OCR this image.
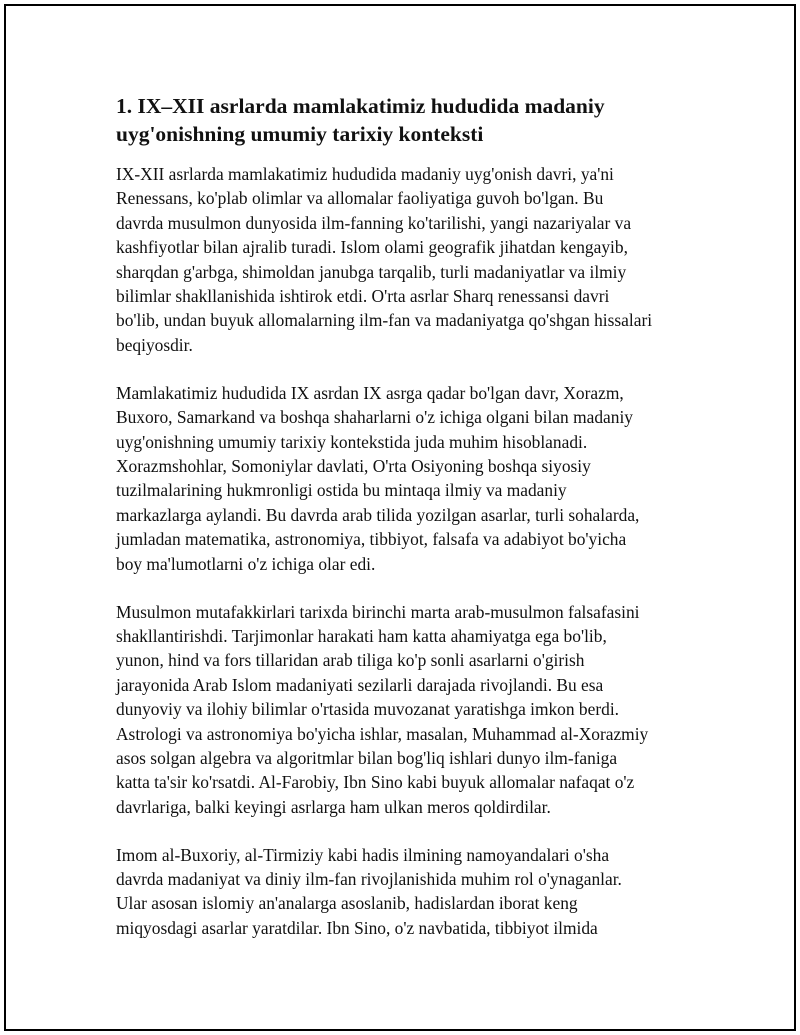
1. IX–XII asrlarda mamlakatimiz hududida madaniy
uyg'onishning umumiy tarixiy konteksti

IX-XII asrlarda mamlakatimiz hududida madaniy uyg'onish davri, ya'ni
Renessans, ko'plab olimlar va allomalar faoliyatiga guvoh bo'lgan. Bu
davrda musulmon dunyosida ilm-fanning ko'tarilishi, yangi nazariyalar va
kashfiyotlar bilan ajralib turadi. Islom olami geografik jihatdan kengayib,
sharqdan g'arbga, shimoldan janubga tarqalib, turli madaniyatlar va ilmiy
bilimlar shakllanishida ishtirok etdi. O'rta asrlar Sharq renessansi davri
bo'lib, undan buyuk allomalarning ilm-fan va madaniyatga qo'shgan hissalari
beqiyosdir.

Mamlakatimiz hududida IX asrdan IX asrga qadar bo'lgan davr, Xorazm,
Buxoro, Samarkand va boshqa shaharlarni o'z ichiga olgani bilan madaniy
uyg'onishning umumiy tarixiy kontekstida juda muhim hisoblanadi.
Xorazmshohlar, Somoniylar davlati, O'rta Osiyoning boshqa siyosiy
tuzilmalarining hukmronligi ostida bu mintaqa ilmiy va madaniy
markazlarga aylandi. Bu davrda arab tilida yozilgan asarlar, turli sohalarda,
jumladan matematika, astronomiya, tibbiyot, falsafa va adabiyot bo'yicha
boy ma'lumotlarni o'z ichiga olar edi.

Musulmon mutafakkirlari tarixda birinchi marta arab-musulmon falsafasini
shakllantirishdi. Tarjimonlar harakati ham katta ahamiyatga ega bo'lib,
yunon, hind va fors tillaridan arab tiliga ko'p sonli asarlarni o'girish
jarayonida Arab Islom madaniyati sezilarli darajada rivojlandi. Bu esa
dunyoviy va ilohiy bilimlar o'rtasida muvozanat yaratishga imkon berdi.
Astrologi va astronomiya bo'yicha ishlar, masalan, Muhammad al-Xorazmiy
asos solgan algebra va algoritmlar bilan bog'liq ishlari dunyo ilm-faniga
katta ta'sir ko'rsatdi. Al-Farobiy, Ibn Sino kabi buyuk allomalar nafaqat o'z
davrlariga, balki keyingi asrlarga ham ulkan meros qoldirdilar.

Imom al-Buxoriy, al-Tirmiziy kabi hadis ilmining namoyandalari o'sha
davrda madaniyat va diniy ilm-fan rivojlanishida muhim rol o'ynaganlar.
Ular asosan islomiy an'analarga asoslanib, hadislardan iborat keng
miqyosdagi asarlar yaratdilar. Ibn Sino, o'z navbatida, tibbiyot ilmida
